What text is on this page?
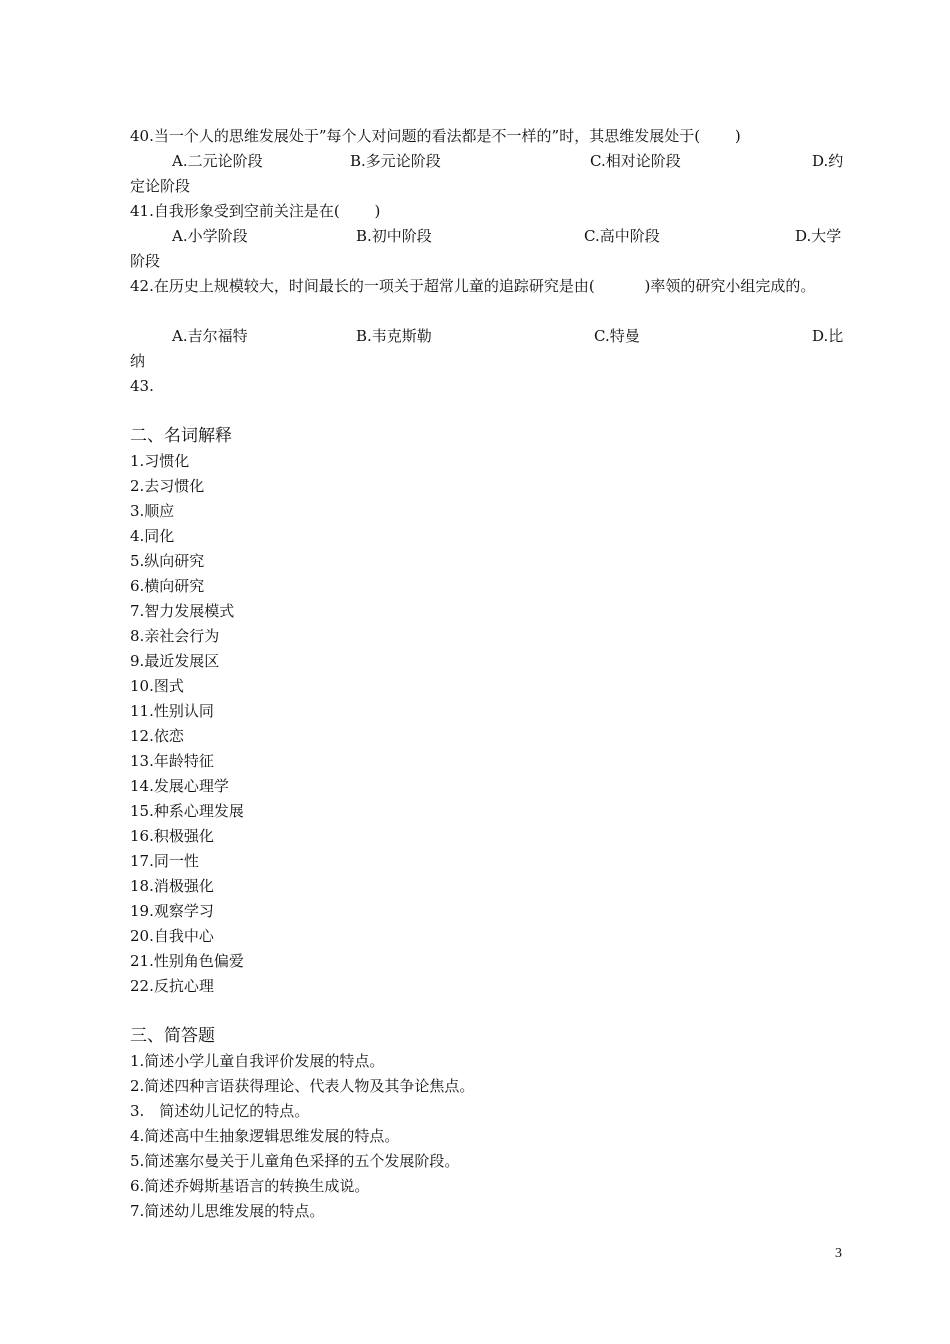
40.当一个人的思维发展处于”每个人对问题的看法都是不一样的”时，其思维发展处于(　　 )
A.二元论阶段	B.多元论阶段	C.相对论阶段	D.约
定论阶段
41.自我形象受到空前关注是在(　　 )
A.小学阶段	B.初中阶段	C.高中阶段	D.大学
阶段
42.在历史上规模较大，时间最长的一项关于超常儿童的追踪研究是由(　　　 )率领的研究小组完成的。
A.吉尔福特	B.韦克斯勒	C.特曼	D.比
纳
43.
二、名词解释
1.习惯化
2.去习惯化
3.顺应
4.同化
5.纵向研究
6.横向研究
7.智力发展模式
8.亲社会行为
9.最近发展区
10.图式
11.性别认同
12.依恋
13.年龄特征
14.发展心理学
15.种系心理发展
16.积极强化
17.同一性
18.消极强化
19.观察学习
20.自我中心
21.性别角色偏爱
22.反抗心理
三、简答题
1.简述小学儿童自我评价发展的特点。
2.简述四种言语获得理论、代表人物及其争论焦点。
3.　简述幼儿记忆的特点。
4.简述高中生抽象逻辑思维发展的特点。
5.简述塞尔曼关于儿童角色采择的五个发展阶段。
6.简述乔姆斯基语言的转换生成说。
7.简述幼儿思维发展的特点。
3
